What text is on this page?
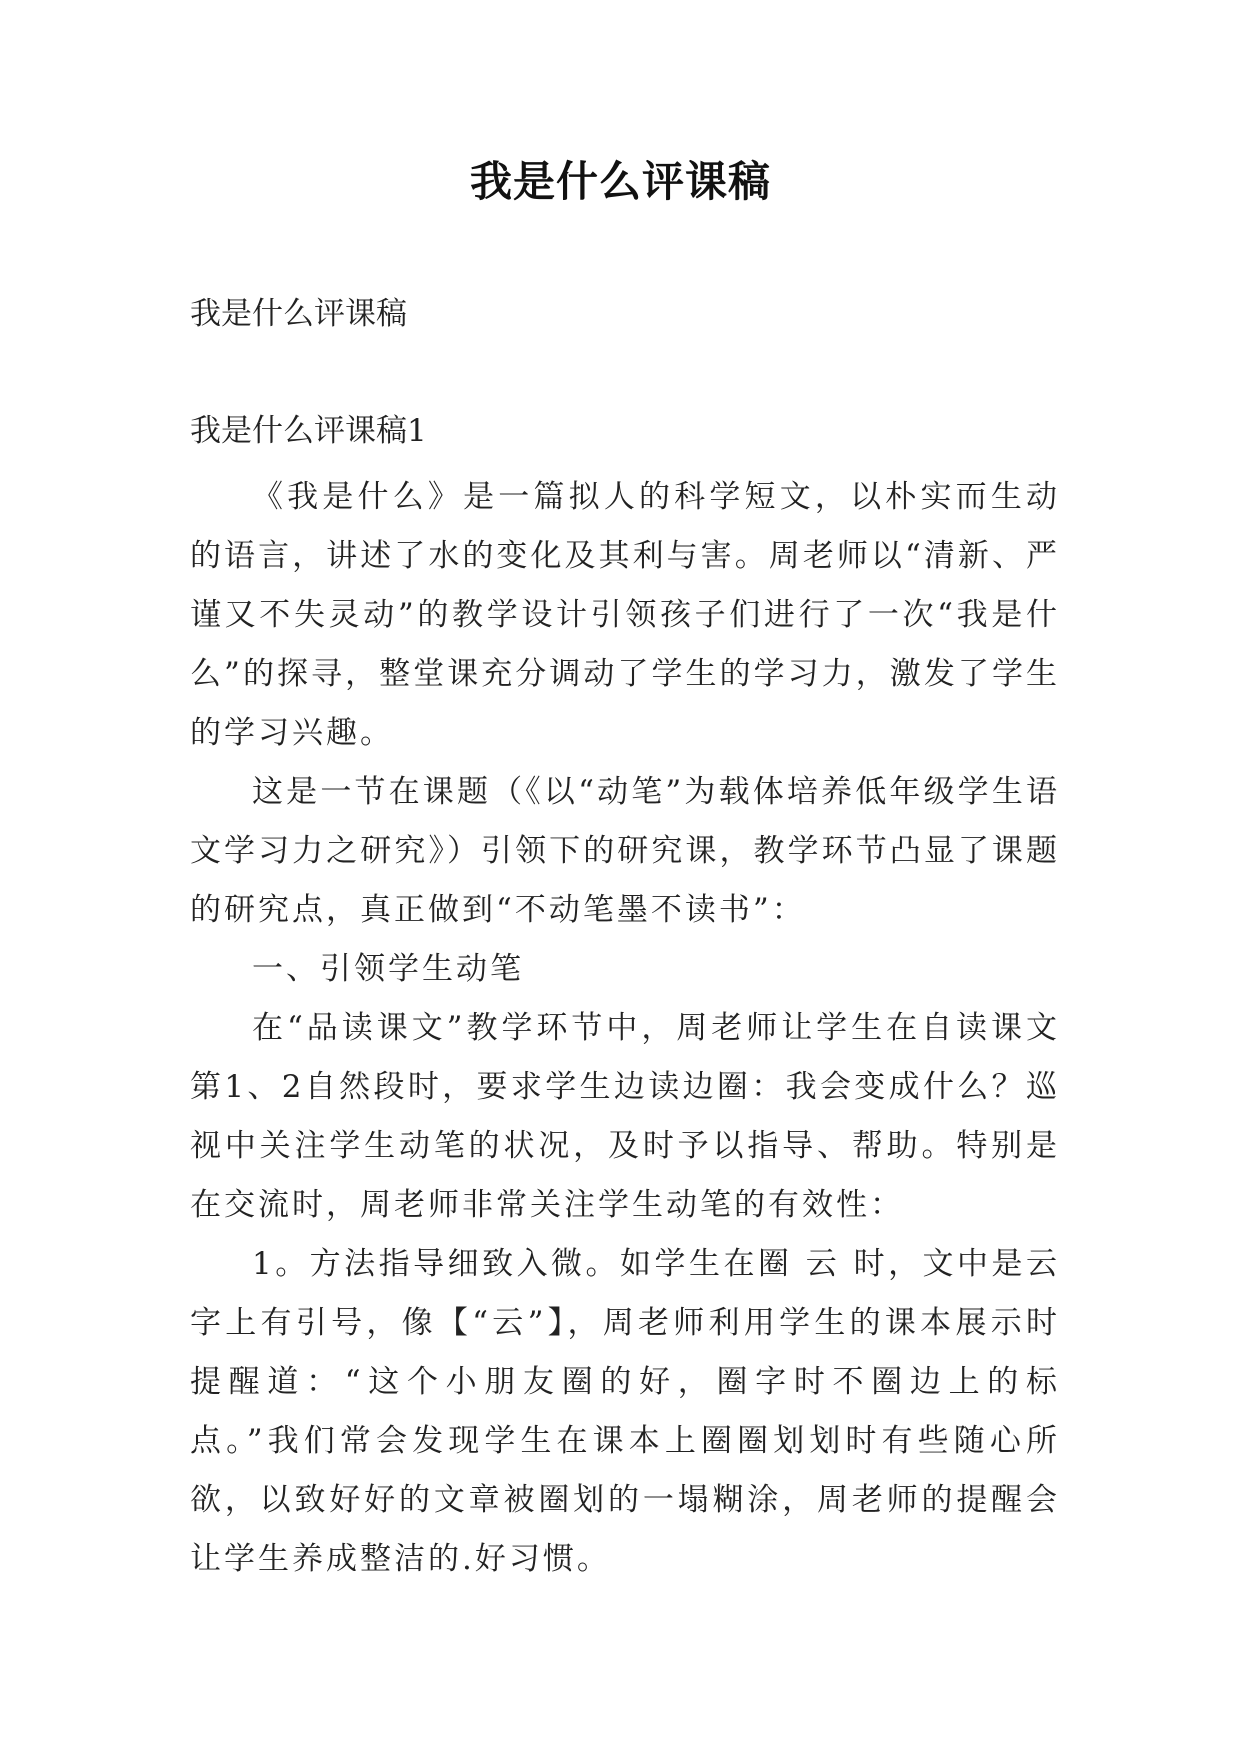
我是什么评课稿
我是什么评课稿
我是什么评课稿1

《我是什么》是一篇拟人的科学短文，以朴实而生动的语言，讲述了水的变化及其利与害。周老师以“清新、严谨又不失灵动”的教学设计引领孩子们进行了一次“我是什么”的探寻，整堂课充分调动了学生的学习力，激发了学生的学习兴趣。

这是一节在课题（《以“动笔”为载体培养低年级学生语文学习力之研究》）引领下的研究课，教学环节凸显了课题的研究点，真正做到“不动笔墨不读书”：

一、引领学生动笔

在“品读课文”教学环节中，周老师让学生在自读课文第1、2自然段时，要求学生边读边圈：我会变成什么？巡视中关注学生动笔的状况，及时予以指导、帮助。特别是在交流时，周老师非常关注学生动笔的有效性：

1。方法指导细致入微。如学生在圈 云 时，文中是云字上有引号，像【“云”】，周老师利用学生的课本展示时提醒道：“这个小朋友圈的好，圈字时不圈边上的标点。”我们常会发现学生在课本上圈圈划划时有些随心所欲，以致好好的文章被圈划的一塌糊涂，周老师的提醒会让学生养成整洁的.好习惯。
